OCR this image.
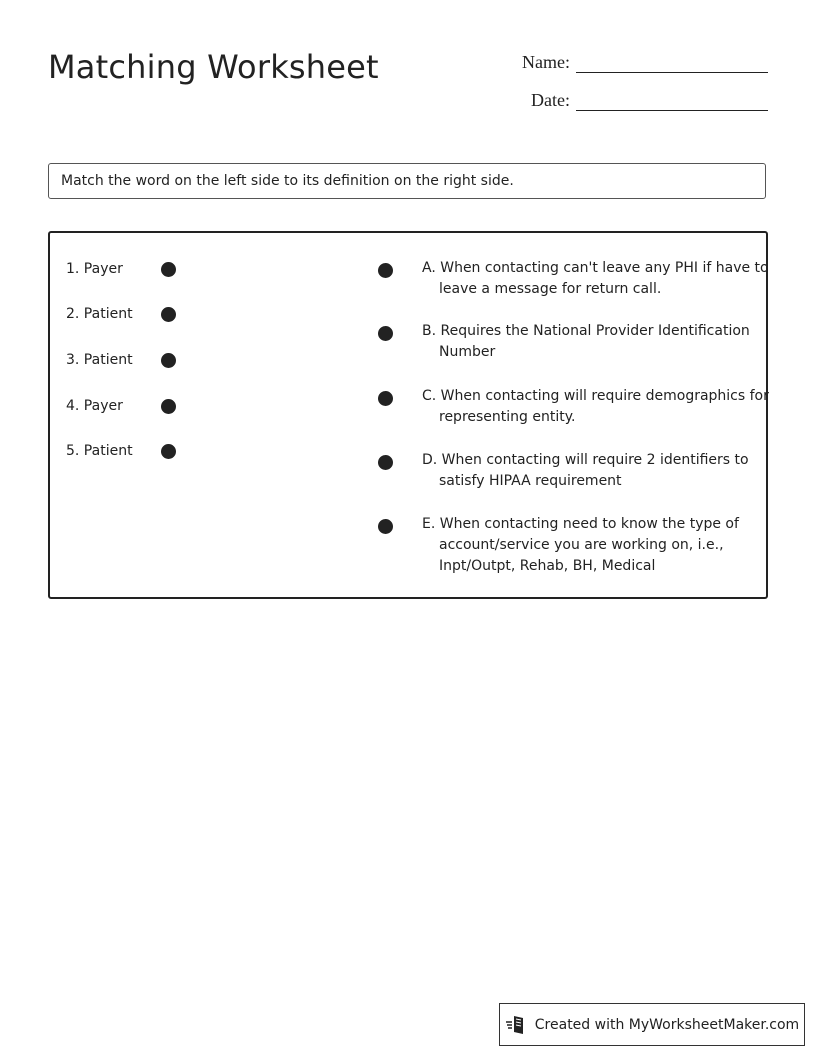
Matching Worksheet	Name:
Date:
Match the word on the left side to its definition on the right side.
1. Payer
2. Patient
3. Patient
4. Payer
5. Patient
A. When contacting can't leave any PHI if have to leave a message for return call.
B. Requires the National Provider Identification Number
C. When contacting will require demographics for representing entity.
D. When contacting will require 2 identifiers to satisfy HIPAA requirement
E. When contacting need to know the type of account/service you are working on, i.e., Inpt/Outpt, Rehab, BH, Medical
Created with MyWorksheetMaker.com
